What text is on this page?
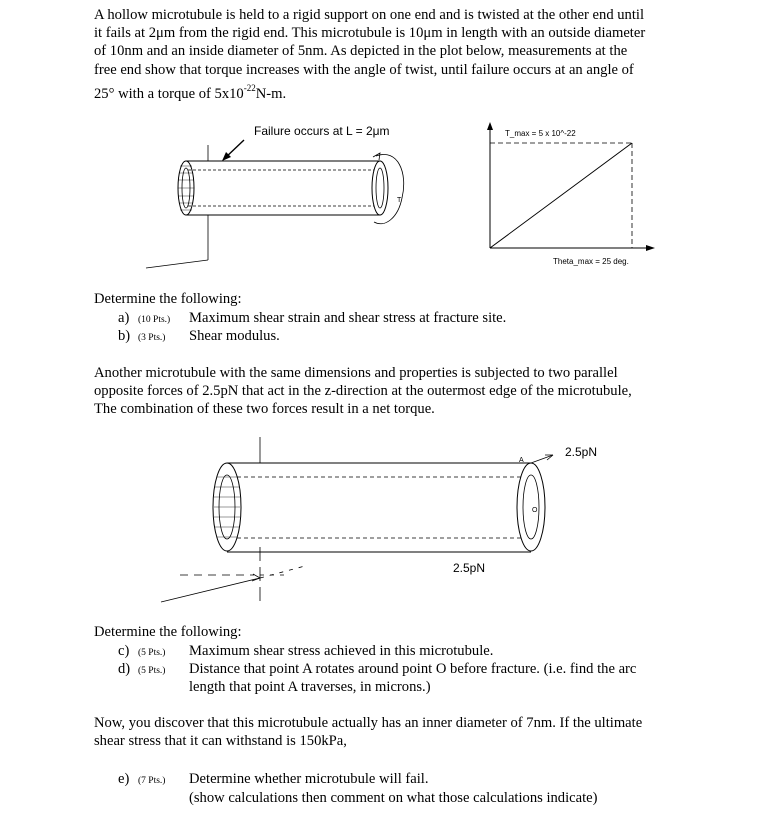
A hollow microtubule is held to a rigid support on one end and is twisted at the other end until
it fails at 2μm from the rigid end. This microtubule is 10μm in length with an outside diameter
of 10nm and an inside diameter of 5nm. As depicted in the plot below, measurements at the
free end show that torque increases with the angle of twist, until failure occurs at an angle of
25° with a torque of $5x10^{-22}N-m$.
T
Failure occurs at L = 2μm	T_max = 5 x 10^-22
Theta_max = 25 deg.
Determine the following:
a) (10 Pts.) Maximum shear strain and shear stress at fracture site.
b) (3 Pts.) Shear modulus.
Another microtubule with the same dimensions and properties is subjected to two parallel
opposite forces of 2.5pN that act in the z-direction at the outermost edge of the microtubule,
The combination of these two forces result in a net torque.
O
A
2.5pN
2.5pN
Determine the following:
c) (5 Pts.) Maximum shear stress achieved in this microtubule.
d) (5 Pts.) Distance that point A rotates around point O before fracture. (i.e. find the arc
length that point A traverses, in microns.)
Now, you discover that this microtubule actually has an inner diameter of 7nm. If the ultimate
shear stress that it can withstand is 150kPa,
e) (7 Pts.) Determine whether microtubule will fail.
(show calculations then comment on what those calculations indicate)
